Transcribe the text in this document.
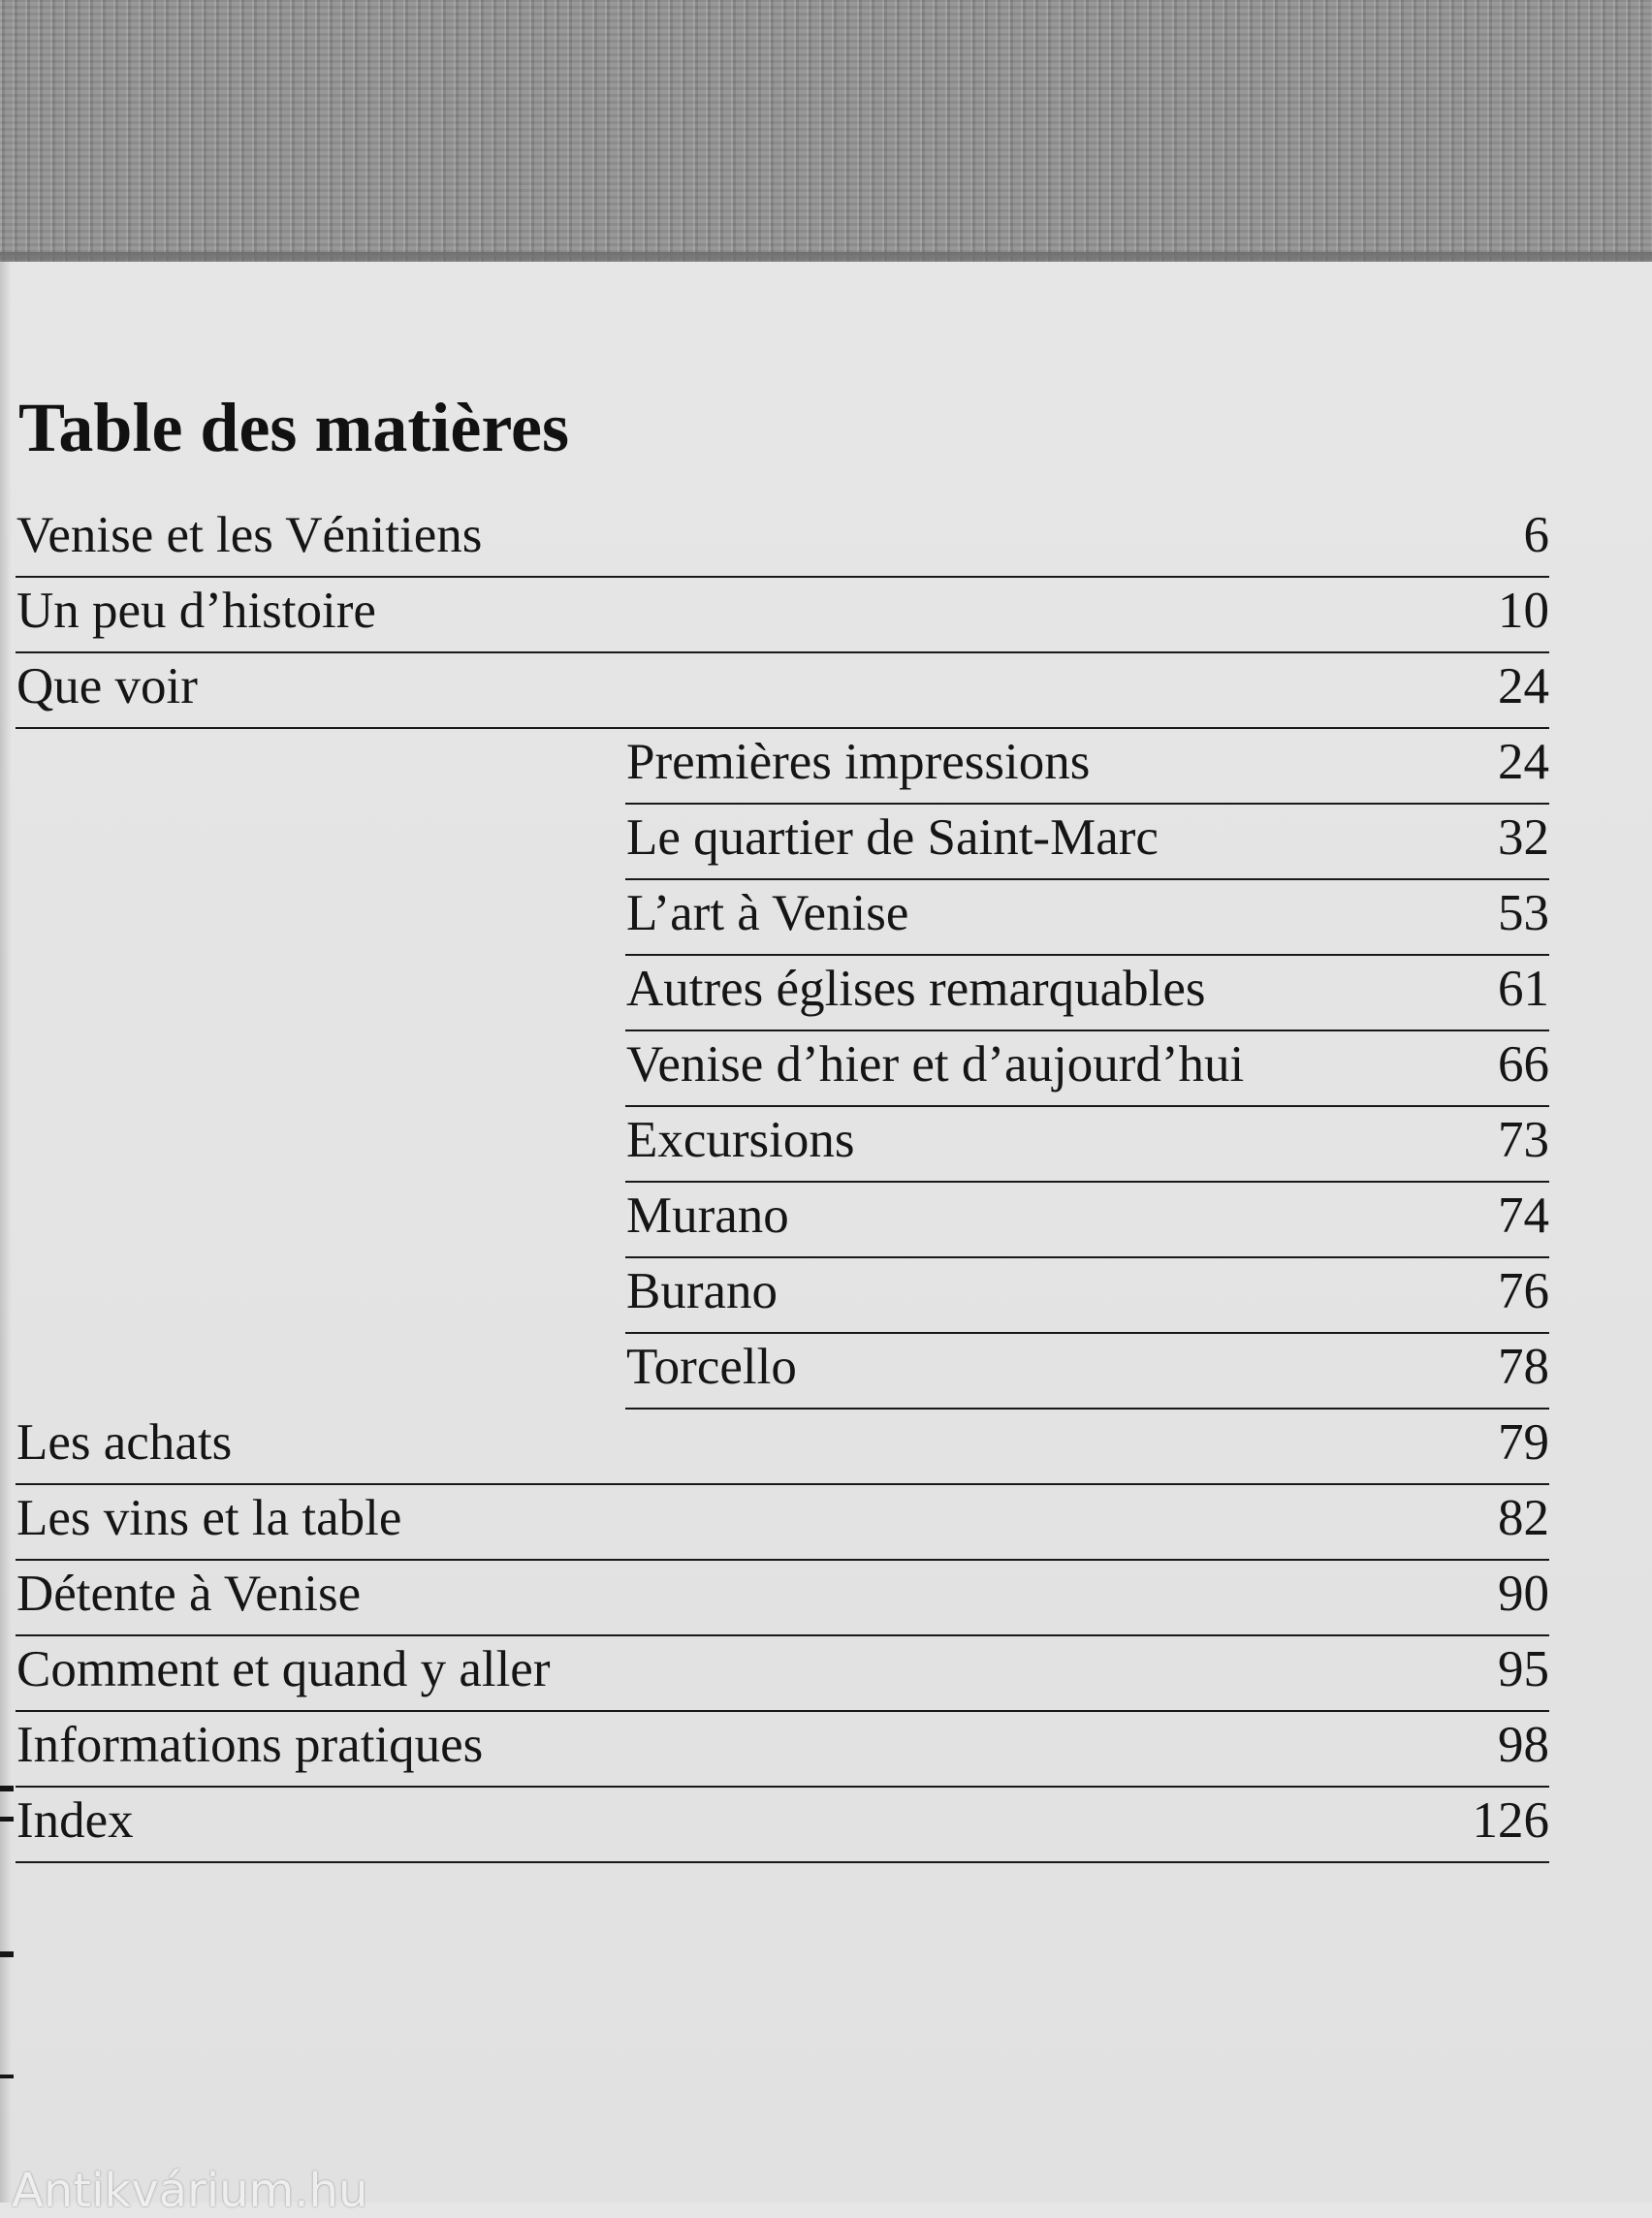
Table des matières
Venise et les Vénitiens	6
Un peu d’histoire	10
Que voir	24
Premières impressions	24
Le quartier de Saint-Marc	32
L’art à Venise	53
Autres églises remarquables	61
Venise d’hier et d’aujourd’hui	66
Excursions	73
Murano	74
Burano	76
Torcello	78
Les achats	79
Les vins et la table	82
Détente à Venise	90
Comment et quand y aller	95
Informations pratiques	98
Index	126
Antikvárium.hu
